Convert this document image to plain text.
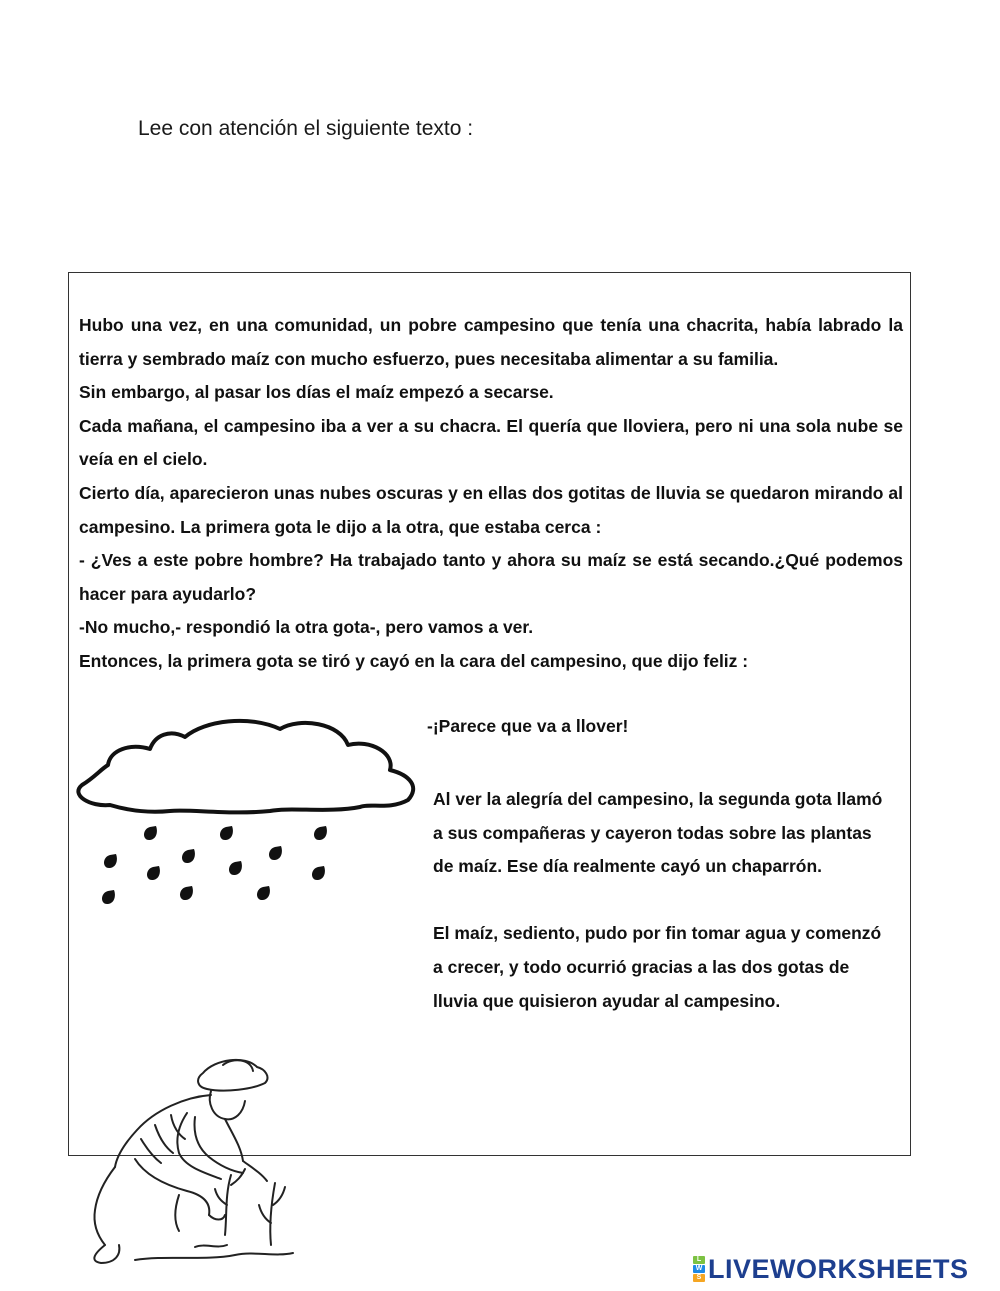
Lee con atención el siguiente texto :

Hubo una vez, en una comunidad, un pobre campesino que tenía una chacrita, había labrado la tierra y sembrado maíz con mucho esfuerzo, pues necesitaba alimentar a su familia.

Sin embargo, al pasar los días el maíz empezó a secarse.

Cada mañana, el campesino iba a ver a su chacra. El quería que lloviera, pero ni una sola nube se veía en el cielo.

Cierto día, aparecieron unas nubes oscuras y en ellas dos gotitas de lluvia se quedaron mirando al campesino. La primera gota le dijo a la otra, que estaba cerca :

- ¿Ves a este pobre hombre? Ha trabajado tanto y ahora su maíz se está secando.¿Qué podemos hacer para ayudarlo?

-No mucho,- respondió la otra gota-, pero vamos a ver.

Entonces, la primera gota se tiró y cayó en la cara del campesino, que dijo feliz :

-¡Parece que va a llover!

Al ver la alegría del campesino, la segunda gota llamó a sus compañeras y cayeron todas sobre las plantas de maíz. Ese día realmente cayó un chaparrón.

El maíz, sediento, pudo por fin tomar agua y comenzó a crecer, y todo ocurrió gracias a las dos gotas de lluvia que quisieron ayudar al campesino.

L
W
S LIVEWORKSHEETS
